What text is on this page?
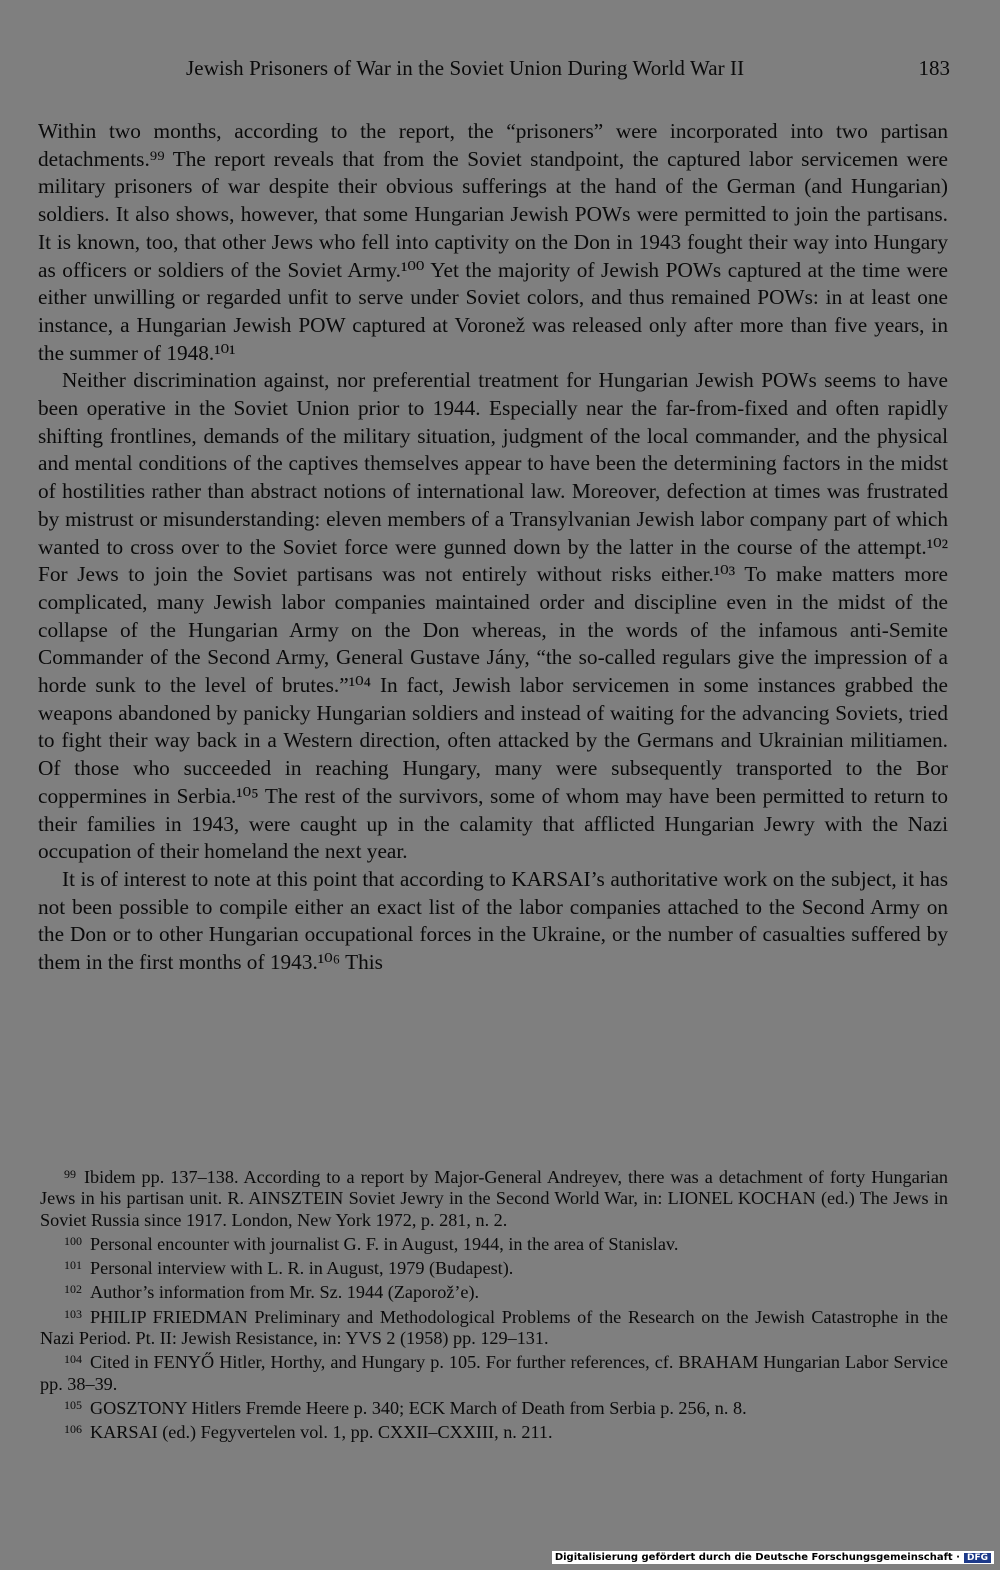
Jewish Prisoners of War in the Soviet Union During World War II	183

Within two months, according to the report, the “prisoners” were incorporated into two partisan detachments.⁹⁹ The report reveals that from the Soviet standpoint, the captured labor servicemen were military prisoners of war despite their obvious sufferings at the hand of the German (and Hungarian) soldiers. It also shows, however, that some Hungarian Jewish POWs were permitted to join the partisans. It is known, too, that other Jews who fell into captivity on the Don in 1943 fought their way into Hungary as officers or soldiers of the Soviet Army.¹⁰⁰ Yet the majority of Jewish POWs captured at the time were either unwilling or regarded unfit to serve under Soviet colors, and thus remained POWs: in at least one instance, a Hungarian Jewish POW captured at Voronež was released only after more than five years, in the summer of 1948.¹⁰¹

Neither discrimination against, nor preferential treatment for Hungarian Jewish POWs seems to have been operative in the Soviet Union prior to 1944. Especially near the far-from-fixed and often rapidly shifting frontlines, demands of the military situation, judgment of the local commander, and the physical and mental conditions of the captives themselves appear to have been the determining factors in the midst of hostilities rather than abstract notions of international law. Moreover, defection at times was frustrated by mistrust or misunderstanding: eleven members of a Transylvanian Jewish labor company part of which wanted to cross over to the Soviet force were gunned down by the latter in the course of the attempt.¹⁰² For Jews to join the Soviet partisans was not entirely without risks either.¹⁰³ To make matters more complicated, many Jewish labor companies maintained order and discipline even in the midst of the collapse of the Hungarian Army on the Don whereas, in the words of the infamous anti-Semite Commander of the Second Army, General Gustave Jány, “the so-called regulars give the impression of a horde sunk to the level of brutes.”¹⁰⁴ In fact, Jewish labor servicemen in some instances grabbed the weapons abandoned by panicky Hungarian soldiers and instead of waiting for the advancing Soviets, tried to fight their way back in a Western direction, often attacked by the Germans and Ukrainian militiamen. Of those who succeeded in reaching Hungary, many were subsequently transported to the Bor coppermines in Serbia.¹⁰⁵ The rest of the survivors, some of whom may have been permitted to return to their families in 1943, were caught up in the calamity that afflicted Hungarian Jewry with the Nazi occupation of their homeland the next year.

It is of interest to note at this point that according to KARSAI’s authoritative work on the subject, it has not been possible to compile either an exact list of the labor companies attached to the Second Army on the Don or to other Hungarian occupational forces in the Ukraine, or the number of casualties suffered by them in the first months of 1943.¹⁰⁶ This

$^{99}$ Ibidem pp. 137–138. According to a report by Major-General Andreyev, there was a detachment of forty Hungarian Jews in his partisan unit. R. AINSZTEIN Soviet Jewry in the Second World War, in: LIONEL KOCHAN (ed.) The Jews in Soviet Russia since 1917. London, New York 1972, p. 281, n. 2.

$^{100}$ Personal encounter with journalist G. F. in August, 1944, in the area of Stanislav.

$^{101}$ Personal interview with L. R. in August, 1979 (Budapest).

$^{102}$ Author’s information from Mr. Sz. 1944 (Zaporož’e).

$^{103}$ PHILIP FRIEDMAN Preliminary and Methodological Problems of the Research on the Jewish Catastrophe in the Nazi Period. Pt. II: Jewish Resistance, in: YVS 2 (1958) pp. 129–131.

$^{104}$ Cited in FENYŐ Hitler, Horthy, and Hungary p. 105. For further references, cf. BRAHAM Hungarian Labor Service pp. 38–39.

$^{105}$ GOSZTONY Hitlers Fremde Heere p. 340; ECK March of Death from Serbia p. 256, n. 8.

$^{106}$ KARSAI (ed.) Fegyvertelen vol. 1, pp. CXXII–CXXIII, n. 211.

Digitalisierung gefördert durch die Deutsche Forschungsgemeinschaft · DFG
